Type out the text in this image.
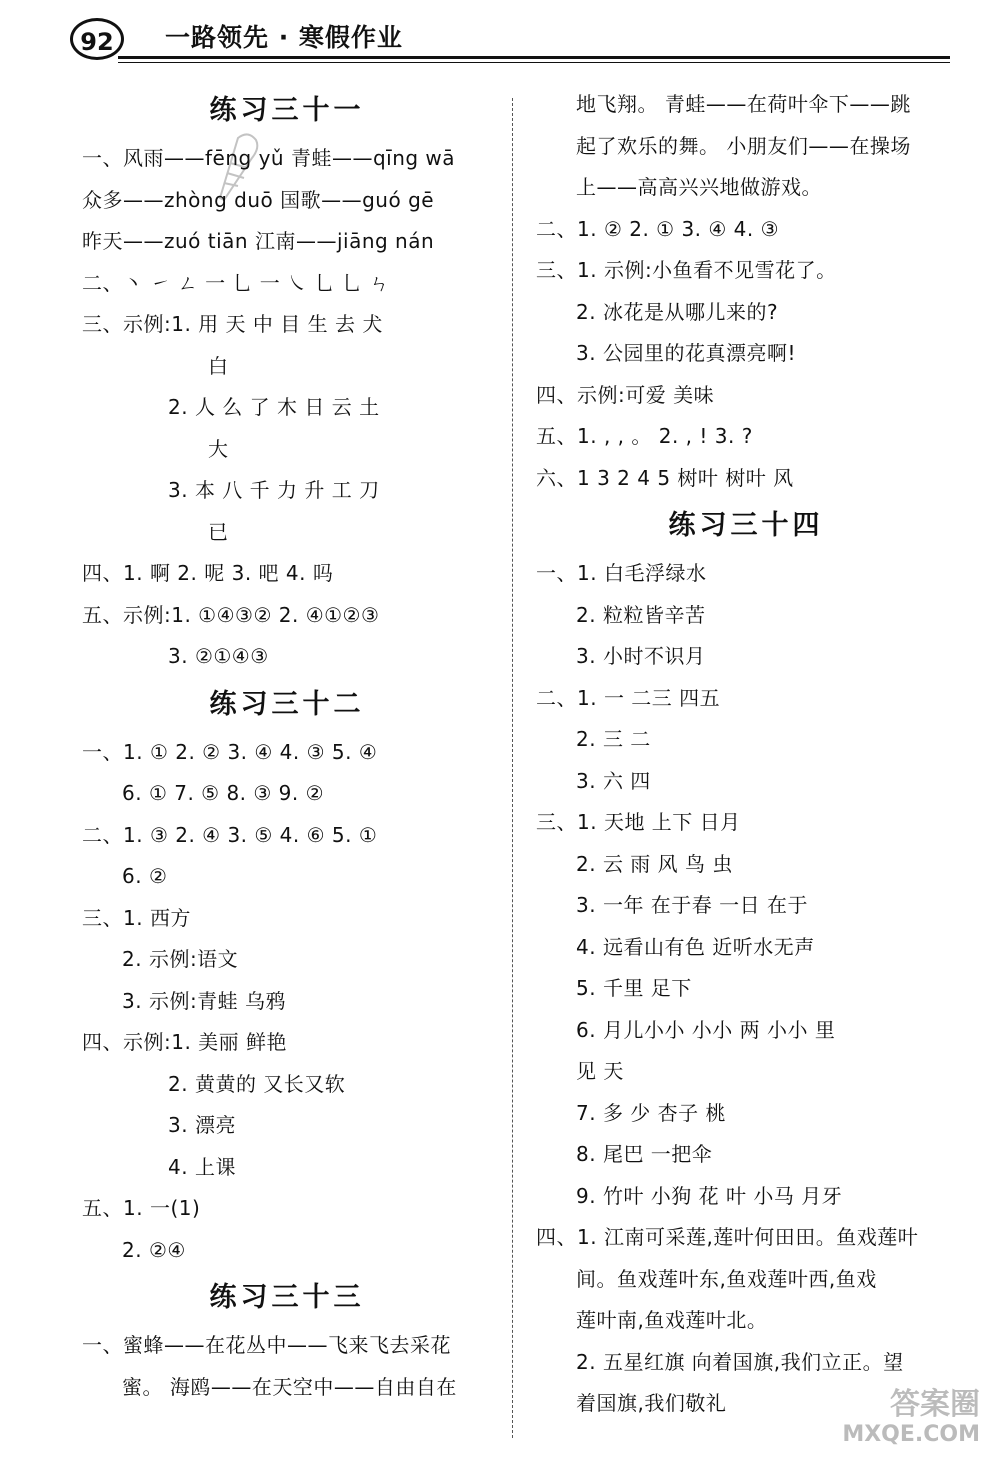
92	一路领先 · 寒假作业
练习三十一
一、风雨——fēng yǔ 青蛙——qīng wā
众多——zhòng duō 国歌——guó gē
昨天——zuó tiān 江南——jiāng nán
二、丶 ㇀ ㄥ 一 乚 一 ㇏ 乚 乚 ㄣ
三、示例:1. 用 天 中 目 生 去 犬
白
2. 人 么 了 木 日 云 土
大
3. 本 八 千 力 升 工 刀
已
四、1. 啊 2. 呢 3. 吧 4. 吗
五、示例:1. ①④③② 2. ④①②③
3. ②①④③
练习三十二
一、1. ① 2. ② 3. ④ 4. ③ 5. ④
6. ① 7. ⑤ 8. ③ 9. ②
二、1. ③ 2. ④ 3. ⑤ 4. ⑥ 5. ①
6. ②
三、1. 西方
2. 示例:语文
3. 示例:青蛙 乌鸦
四、示例:1. 美丽 鲜艳
2. 黄黄的 又长又软
3. 漂亮
4. 上课
五、1. 一(1)
2. ②④
练习三十三
一、蜜蜂——在花丛中——飞来飞去采花
蜜。 海鸥——在天空中——自由自在
地飞翔。 青蛙——在荷叶伞下——跳
起了欢乐的舞。 小朋友们——在操场
上——高高兴兴地做游戏。
二、1. ② 2. ① 3. ④ 4. ③
三、1. 示例:小鱼看不见雪花了。
2. 冰花是从哪儿来的?
3. 公园里的花真漂亮啊!
四、示例:可爱 美味
五、1. , , 。 2. , ! 3. ?
六、1 3 2 4 5 树叶 树叶 风
练习三十四
一、1. 白毛浮绿水
2. 粒粒皆辛苦
3. 小时不识月
二、1. 一 二三 四五
2. 三 二
3. 六 四
三、1. 天地 上下 日月
2. 云 雨 风 鸟 虫
3. 一年 在于春 一日 在于
4. 远看山有色 近听水无声
5. 千里 足下
6. 月儿小小 小小 两 小小 里
见 天
7. 多 少 杏子 桃
8. 尾巴 一把伞
9. 竹叶 小狗 花 叶 小马 月牙
四、1. 江南可采莲,莲叶何田田。鱼戏莲叶
间。鱼戏莲叶东,鱼戏莲叶西,鱼戏
莲叶南,鱼戏莲叶北。
2. 五星红旗 向着国旗,我们立正。望
着国旗,我们敬礼	答案圈
MXQE.COM
